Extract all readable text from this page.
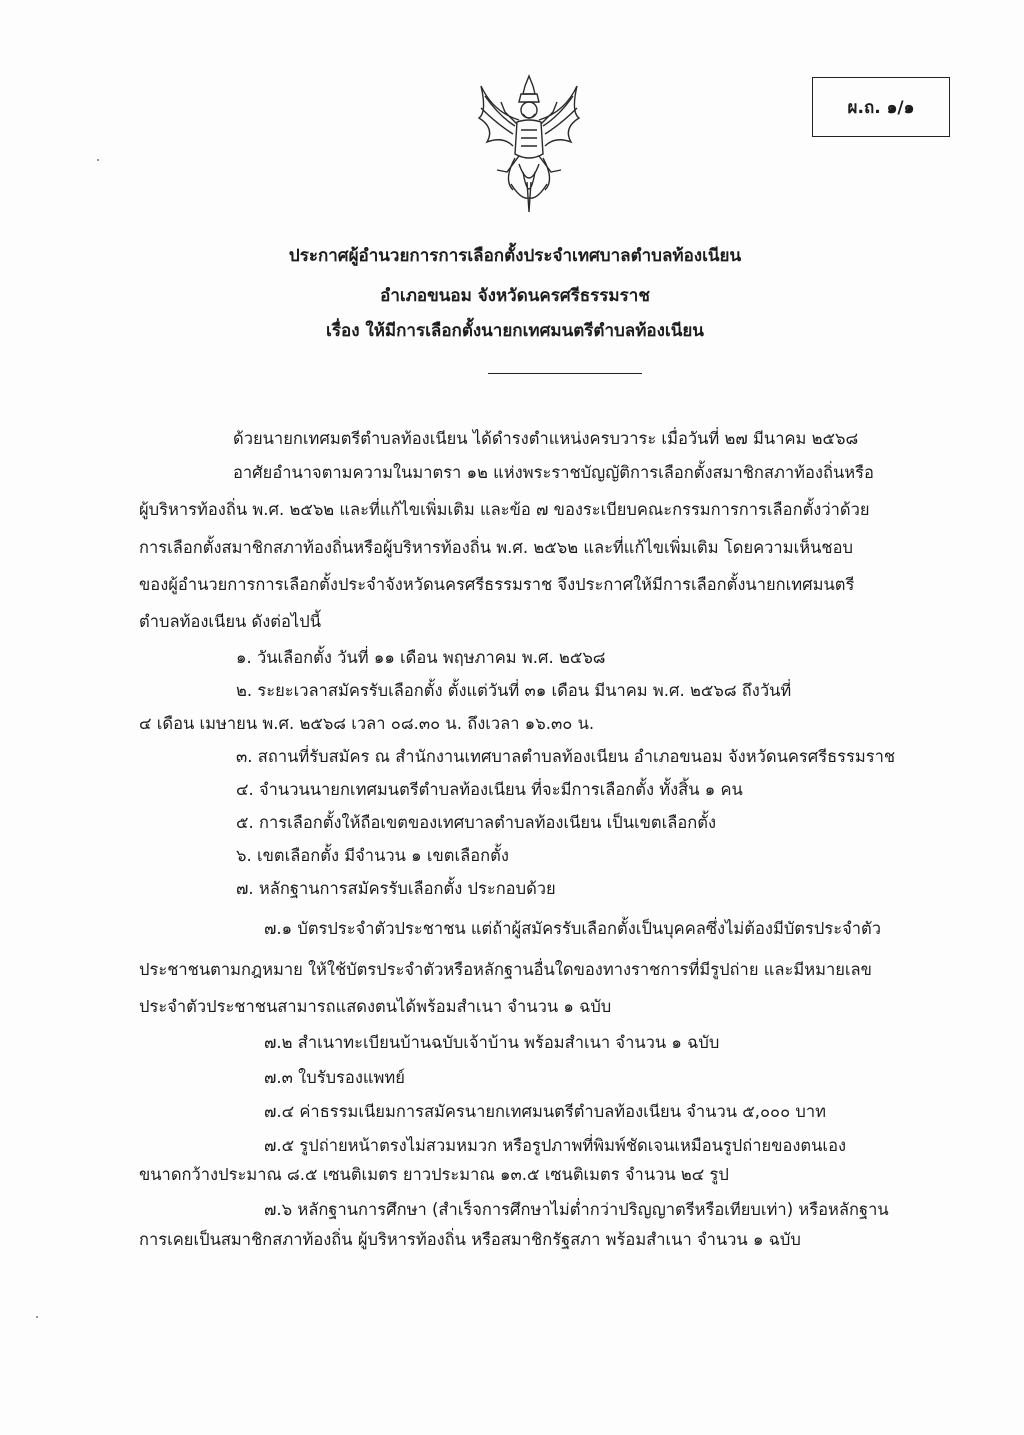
ผ.ถ. ๑/๑
ประกาศผู้อำนวยการการเลือกตั้งประจำเทศบาลตำบลท้องเนียน
อำเภอขนอม จังหวัดนครศรีธรรมราช
เรื่อง ให้มีการเลือกตั้งนายกเทศมนตรีตำบลท้องเนียน
ด้วยนายกเทศมตรีตำบลท้องเนียน ได้ดำรงตำแหน่งครบวาระ เมื่อวันที่ ๒๗ มีนาคม ๒๕๖๘
อาศัยอำนาจตามความในมาตรา ๑๒ แห่งพระราชบัญญัติการเลือกตั้งสมาชิกสภาท้องถิ่นหรือ
ผู้บริหารท้องถิ่น พ.ศ. ๒๕๖๒ และที่แก้ไขเพิ่มเติม และข้อ ๗ ของระเบียบคณะกรรมการการเลือกตั้งว่าด้วย
การเลือกตั้งสมาชิกสภาท้องถิ่นหรือผู้บริหารท้องถิ่น พ.ศ. ๒๕๖๒ และที่แก้ไขเพิ่มเติม โดยความเห็นชอบ
ของผู้อำนวยการการเลือกตั้งประจำจังหวัดนครศรีธรรมราช จึงประกาศให้มีการเลือกตั้งนายกเทศมนตรี
ตำบลท้องเนียน ดังต่อไปนี้
๑. วันเลือกตั้ง วันที่ ๑๑ เดือน พฤษภาคม พ.ศ. ๒๕๖๘
๒. ระยะเวลาสมัครรับเลือกตั้ง ตั้งแต่วันที่ ๓๑ เดือน มีนาคม พ.ศ. ๒๕๖๘ ถึงวันที่
๔ เดือน เมษายน พ.ศ. ๒๕๖๘ เวลา ๐๘.๓๐ น. ถึงเวลา ๑๖.๓๐ น.
๓. สถานที่รับสมัคร ณ สำนักงานเทศบาลตำบลท้องเนียน อำเภอขนอม จังหวัดนครศรีธรรมราช
๔. จำนวนนายกเทศมนตรีตำบลท้องเนียน ที่จะมีการเลือกตั้ง ทั้งสิ้น ๑ คน
๕. การเลือกตั้งให้ถือเขตของเทศบาลตำบลท้องเนียน เป็นเขตเลือกตั้ง
๖. เขตเลือกตั้ง มีจำนวน ๑ เขตเลือกตั้ง
๗. หลักฐานการสมัครรับเลือกตั้ง ประกอบด้วย
๗.๑ บัตรประจำตัวประชาชน แต่ถ้าผู้สมัครรับเลือกตั้งเป็นบุคคลซึ่งไม่ต้องมีบัตรประจำตัว
ประชาชนตามกฎหมาย ให้ใช้บัตรประจำตัวหรือหลักฐานอื่นใดของทางราชการที่มีรูปถ่าย และมีหมายเลข
ประจำตัวประชาชนสามารถแสดงตนได้พร้อมสำเนา จำนวน ๑ ฉบับ
๗.๒ สำเนาทะเบียนบ้านฉบับเจ้าบ้าน พร้อมสำเนา จำนวน ๑ ฉบับ
๗.๓ ใบรับรองแพทย์
๗.๔ ค่าธรรมเนียมการสมัครนายกเทศมนตรีตำบลท้องเนียน จำนวน ๕,๐๐๐ บาท
๗.๕ รูปถ่ายหน้าตรงไม่สวมหมวก หรือรูปภาพที่พิมพ์ชัดเจนเหมือนรูปถ่ายของตนเอง
ขนาดกว้างประมาณ ๘.๕ เซนติเมตร ยาวประมาณ ๑๓.๕ เซนติเมตร จำนวน ๒๔ รูป
๗.๖ หลักฐานการศึกษา (สำเร็จการศึกษาไม่ต่ำกว่าปริญญาตรีหรือเทียบเท่า) หรือหลักฐาน
การเคยเป็นสมาชิกสภาท้องถิ่น ผู้บริหารท้องถิ่น หรือสมาชิกรัฐสภา พร้อมสำเนา จำนวน ๑ ฉบับ
